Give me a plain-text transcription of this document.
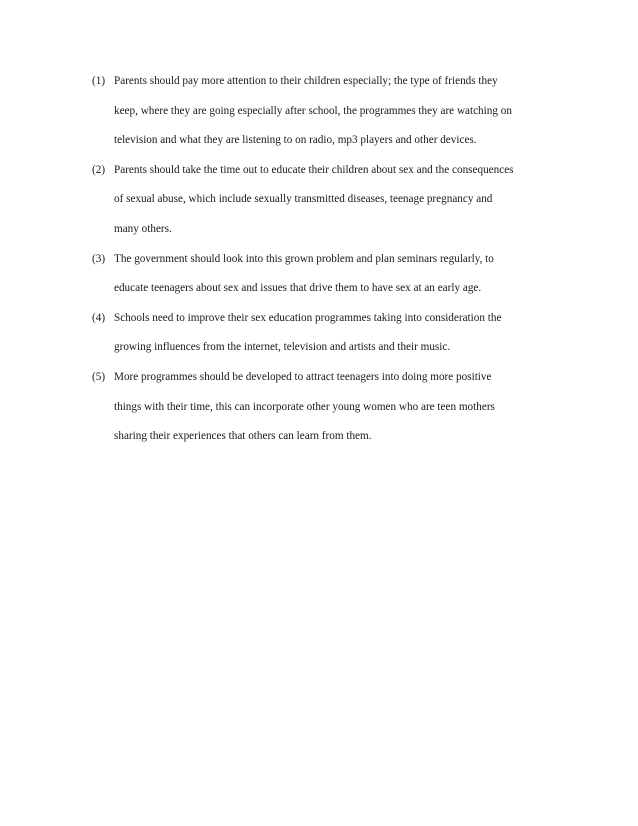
(1) Parents should pay more attention to their children especially; the type of friends they
keep, where they are going especially after school, the programmes they are watching on
television and what they are listening to on radio, mp3 players and other devices.
(2) Parents should take the time out to educate their children about sex and the consequences
of sexual abuse, which include sexually transmitted diseases, teenage pregnancy and
many others.
(3) The government should look into this grown problem and plan seminars regularly, to
educate teenagers about sex and issues that drive them to have sex at an early age.
(4) Schools need to improve their sex education programmes taking into consideration the
growing influences from the internet, television and artists and their music.
(5) More programmes should be developed to attract teenagers into doing more positive
things with their time, this can incorporate other young women who are teen mothers
sharing their experiences that others can learn from them.
